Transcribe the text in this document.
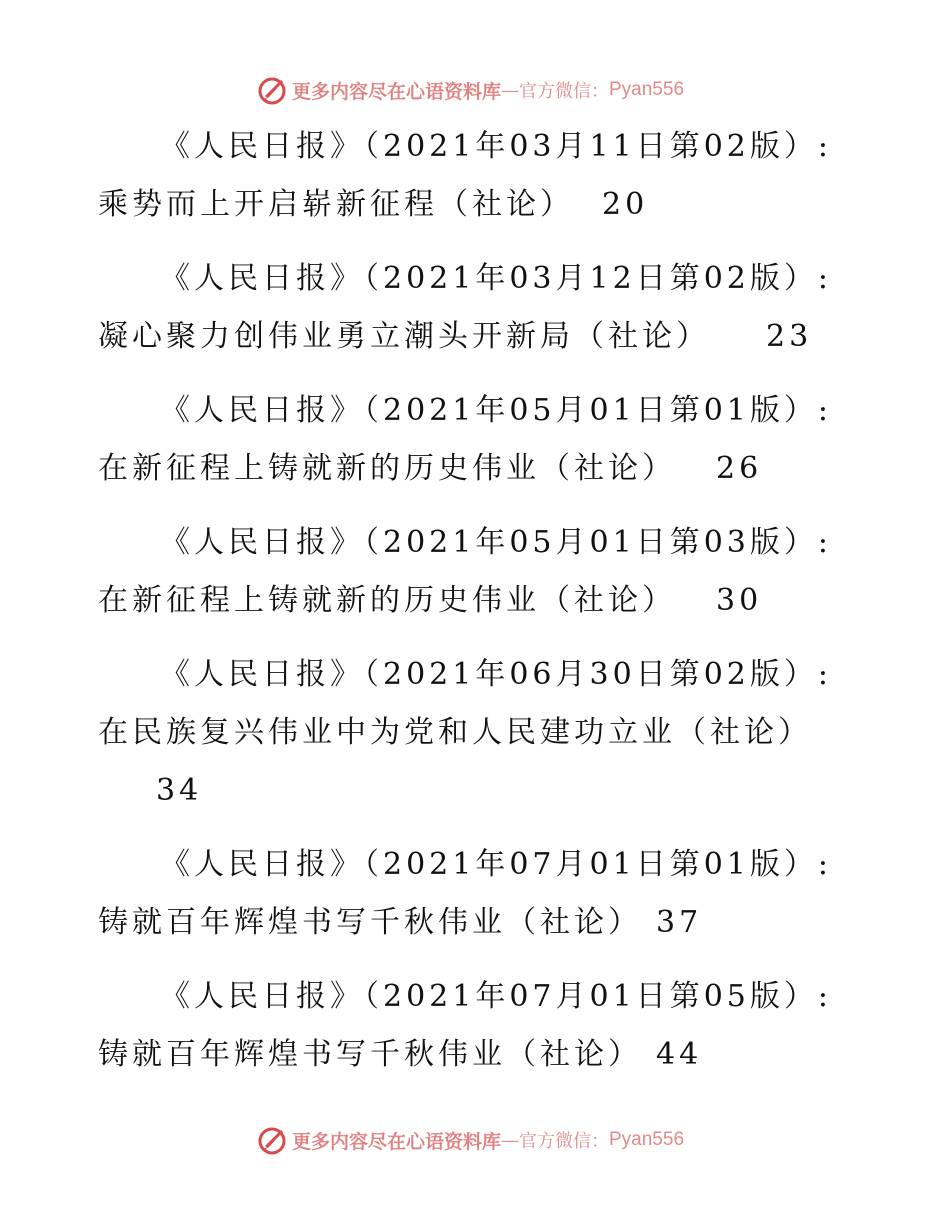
更多内容尽在心语资料库 — 官方微信： Pyan556
《人民日报》（2021年03月11日第02版）:
乘势而上开启崭新征程（社论） 20
《人民日报》（2021年03月12日第02版）:
凝心聚力创伟业勇立潮头开新局（社论） 23
《人民日报》（2021年05月01日第01版）:
在新征程上铸就新的历史伟业（社论） 26
《人民日报》（2021年05月01日第03版）:
在新征程上铸就新的历史伟业（社论） 30
《人民日报》（2021年06月30日第02版）:
在民族复兴伟业中为党和人民建功立业（社论）
34
《人民日报》（2021年07月01日第01版）:
铸就百年辉煌书写千秋伟业（社论） 37
《人民日报》（2021年07月01日第05版）:
铸就百年辉煌书写千秋伟业（社论） 44
更多内容尽在心语资料库 — 官方微信： Pyan556
